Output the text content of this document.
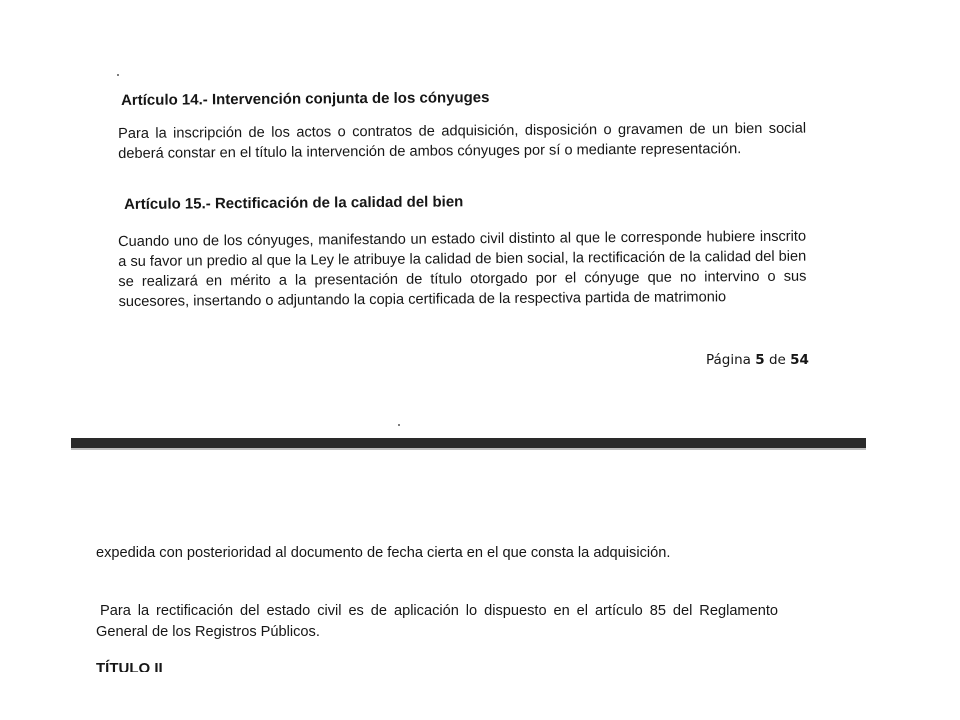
Artículo 14.- Intervención conjunta de los cónyuges
Para la inscripción de los actos o contratos de adquisición, disposición o gravamen de un bien social deberá constar en el título la intervención de ambos cónyuges por sí o mediante representación.
Artículo 15.- Rectificación de la calidad del bien
Cuando uno de los cónyuges, manifestando un estado civil distinto al que le corresponde hubiere inscrito a su favor un predio al que la Ley le atribuye la calidad de bien social, la rectificación de la calidad del bien se realizará en mérito a la presentación de título otorgado por el cónyuge que no intervino o sus sucesores, insertando o adjuntando la copia certificada de la respectiva partida de matrimonio
Página 5 de 54
expedida con posterioridad al documento de fecha cierta en el que consta la adquisición.
Para la rectificación del estado civil es de aplicación lo dispuesto en el artículo 85 del Reglamento General de los Registros Públicos.
TÍTULO II
